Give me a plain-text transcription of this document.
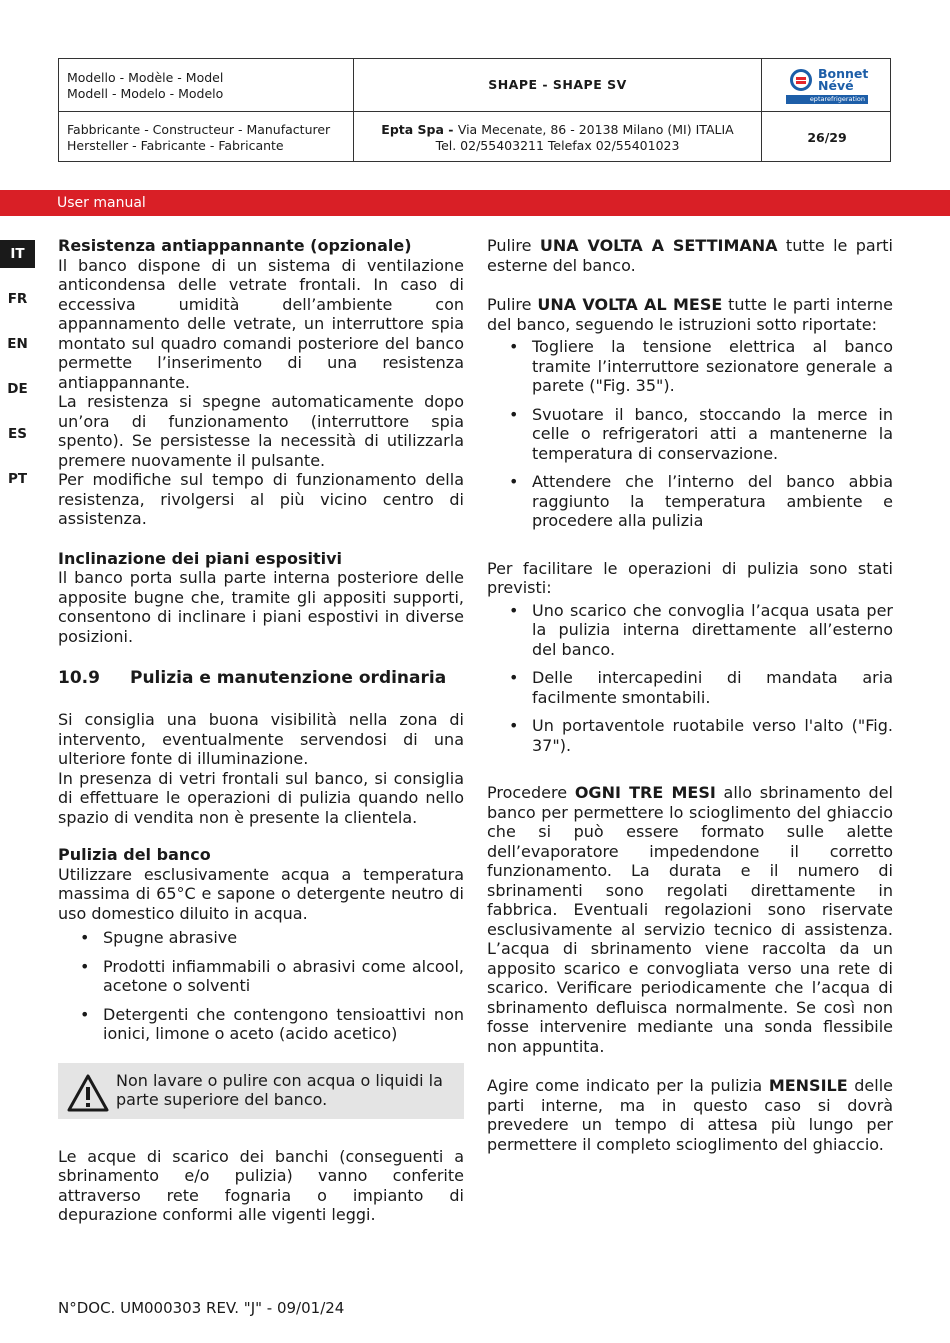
Modello - Modèle - Model
Modell - Modelo - Modelo
SHAPE - SHAPE SV
Bonnet
Névé
eptarefrigeration
Fabbricante - Constructeur - Manufacturer
Hersteller - Fabricante - Fabricante
Epta Spa - Via Mecenate, 86 - 20138 Milano (MI) ITALIA
Tel. 02/55403211 Telefax 02/55401023
26/29
User manual
IT
FR
EN
DE
ES
PT
Resistenza antiappannante (opzionale)

Il banco dispone di un sistema di ventilazione anticondensa delle vetrate frontali. In caso di eccessiva umidità dell’ambiente con appannamento delle vetrate, un interruttore spia montato sul quadro comandi posteriore del banco permette l’inserimento di una resistenza antiappannante.

La resistenza si spegne automaticamente dopo un’ora di funzionamento (interruttore spia spento). Se persistesse la necessità di utilizzarla premere nuovamente il pulsante.

Per modifiche sul tempo di funzionamento della resistenza, rivolgersi al più vicino centro di assistenza.

Inclinazione dei piani espositivi

Il banco porta sulla parte interna posteriore delle apposite bugne che, tramite gli appositi supporti, consentono di inclinare i piani espostivi in diverse posizioni.

10.9	Pulizia e manutenzione ordinaria

Si consiglia una buona visibilità nella zona di intervento, eventualmente servendosi di una ulteriore fonte di illuminazione.

In presenza di vetri frontali sul banco, si consiglia di effettuare le operazioni di pulizia quando nello spazio di vendita non è presente la clientela.

Pulizia del banco

Utilizzare esclusivamente acqua a temperatura massima di 65°C e sapone o detergente neutro di uso domestico diluito in acqua.

• Spugne abrasive
• Prodotti infiammabili o abrasivi come alcool, acetone o solventi
• Detergenti che contengono tensioattivi non ionici, limone o aceto (acido acetico)

Non lavare o pulire con acqua o liquidi la parte superiore del banco.

Le acque di scarico dei banchi (conseguenti a sbrinamento e/o pulizia) vanno conferite attraverso rete fognaria o impianto di depurazione conformi alle vigenti leggi.

Pulire UNA VOLTA A SETTIMANA tutte le parti esterne del banco.

Pulire UNA VOLTA AL MESE tutte le parti interne del banco, seguendo le istruzioni sotto riportate:

• Togliere la tensione elettrica al banco tramite l’interruttore sezionatore generale a parete ("Fig. 35").
• Svuotare il banco, stoccando la merce in celle o refrigeratori atti a mantenerne la temperatura di conservazione.
• Attendere che l’interno del banco abbia raggiunto la temperatura ambiente e procedere alla pulizia

Per facilitare le operazioni di pulizia sono stati previsti:

• Uno scarico che convoglia l’acqua usata per la pulizia interna direttamente all’esterno del banco.
• Delle intercapedini di mandata aria facilmente smontabili.
• Un portaventole ruotabile verso l'alto ("Fig. 37").

Procedere OGNI TRE MESI allo sbrinamento del banco per permettere lo scioglimento del ghiaccio che si può essere formato sulle alette dell’evaporatore impedendone il corretto funzionamento. La durata e il numero di sbrinamenti sono regolati direttamente in fabbrica. Eventuali regolazioni sono riservate esclusivamente al servizio tecnico di assistenza. L’acqua di sbrinamento viene raccolta da un apposito scarico e convogliata verso una rete di scarico. Verificare periodicamente che l’acqua di sbrinamento defluisca normalmente. Se così non fosse intervenire mediante una sonda flessibile non appuntita.

Agire come indicato per la pulizia MENSILE delle parti interne, ma in questo caso si dovrà prevedere un tempo di attesa più lungo per permettere il completo scioglimento del ghiaccio.

N°DOC. UM000303 REV. "J" - 09/01/24
